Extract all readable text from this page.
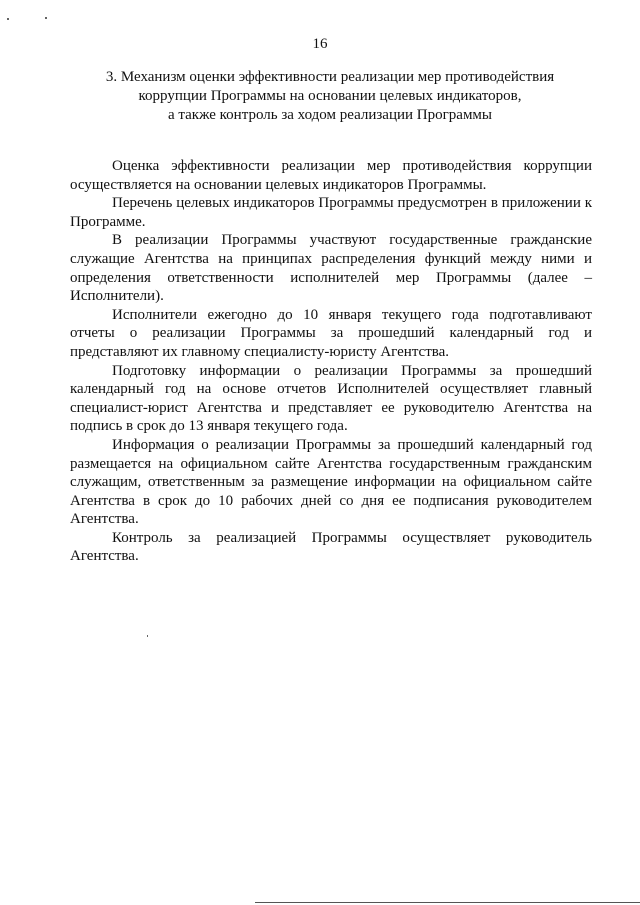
16
3. Механизм оценки эффективности реализации мер противодействия
коррупции Программы на основании целевых индикаторов,
а также контроль за ходом реализации Программы

Оценка эффективности реализации мер противодействия коррупции осуществляется на основании целевых индикаторов Программы.

Перечень целевых индикаторов Программы предусмотрен в приложении к Программе.

В реализации Программы участвуют государственные гражданские служащие Агентства на принципах распределения функций между ними и определения ответственности исполнителей мер Программы (далее – Исполнители).

Исполнители ежегодно до 10 января текущего года подготавливают отчеты о реализации Программы за прошедший календарный год и представляют их главному специалисту-юристу Агентства.

Подготовку информации о реализации Программы за прошедший календарный год на основе отчетов Исполнителей осуществляет главный специалист-юрист Агентства и представляет ее руководителю Агентства на подпись в срок до 13 января текущего года.

Информация о реализации Программы за прошедший календарный год размещается на официальном сайте Агентства государственным гражданским служащим, ответственным за размещение информации на официальном сайте Агентства в срок до 10 рабочих дней со дня ее подписания руководителем Агентства.

Контроль за реализацией Программы осуществляет руководитель Агентства.
